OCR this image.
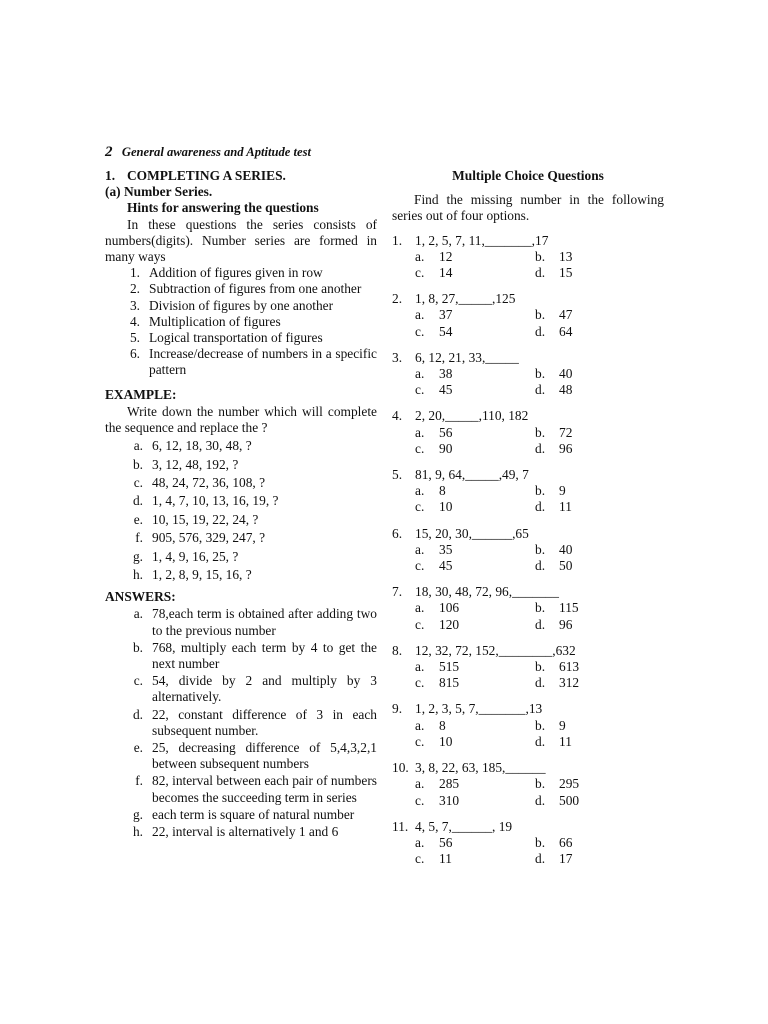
2 General awareness and Aptitude test
1. COMPLETING A SERIES.
(a) Number Series.
Hints for answering the questions
In these questions the series consists of numbers(digits). Number series are formed in many ways
1. Addition of figures given in row
2. Subtraction of figures from one another
3. Division of figures by one another
4. Multiplication of figures
5. Logical transportation of figures
6. Increase/decrease of numbers in a specific pattern
EXAMPLE:
Write down the number which will complete the sequence and replace the ?
a. 6, 12, 18, 30, 48, ?
b. 3, 12, 48, 192, ?
c. 48, 24, 72, 36, 108, ?
d. 1, 4, 7, 10, 13, 16, 19, ?
e. 10, 15, 19, 22, 24, ?
f. 905, 576, 329, 247, ?
g. 1, 4, 9, 16, 25, ?
h. 1, 2, 8, 9, 15, 16, ?
ANSWERS:
a. 78,each term is obtained after adding two to the previous number
b. 768, multiply each term by 4 to get the next number
c. 54, divide by 2 and multiply by 3 alternatively.
d. 22, constant difference of 3 in each subsequent number.
e. 25, decreasing difference of 5,4,3,2,1 between subsequent numbers
f. 82, interval between each pair of numbers becomes the succeeding term in series
g. each term is square of natural number
h. 22, interval is alternatively 1 and 6
Multiple Choice Questions
Find the missing number in the following series out of four options.
1. 1, 2, 5, 7, 11,_______,17
a.	12	b.	13
c.	14	d.	15
2. 1, 8, 27,_____,125
a.	37	b.	47
c.	54	d.	64
3. 6, 12, 21, 33,_____
a.	38	b.	40
c.	45	d.	48
4. 2, 20,_____,110, 182
a.	56	b.	72
c.	90	d.	96
5. 81, 9, 64,_____,49, 7
a.	8	b.	9
c.	10	d.	11
6. 15, 20, 30,______,65
a.	35	b.	40
c.	45	d.	50
7. 18, 30, 48, 72, 96,_______
a.	106	b.	115
c.	120	d.	96
8. 12, 32, 72, 152,________,632
a.	515	b.	613
c.	815	d.	312
9. 1, 2, 3, 5, 7,_______,13
a.	8	b.	9
c.	10	d.	11
10. 3, 8, 22, 63, 185,______
a.	285	b.	295
c.	310	d.	500
11. 4, 5, 7,______, 19
a.	56	b.	66
c.	11	d.	17
